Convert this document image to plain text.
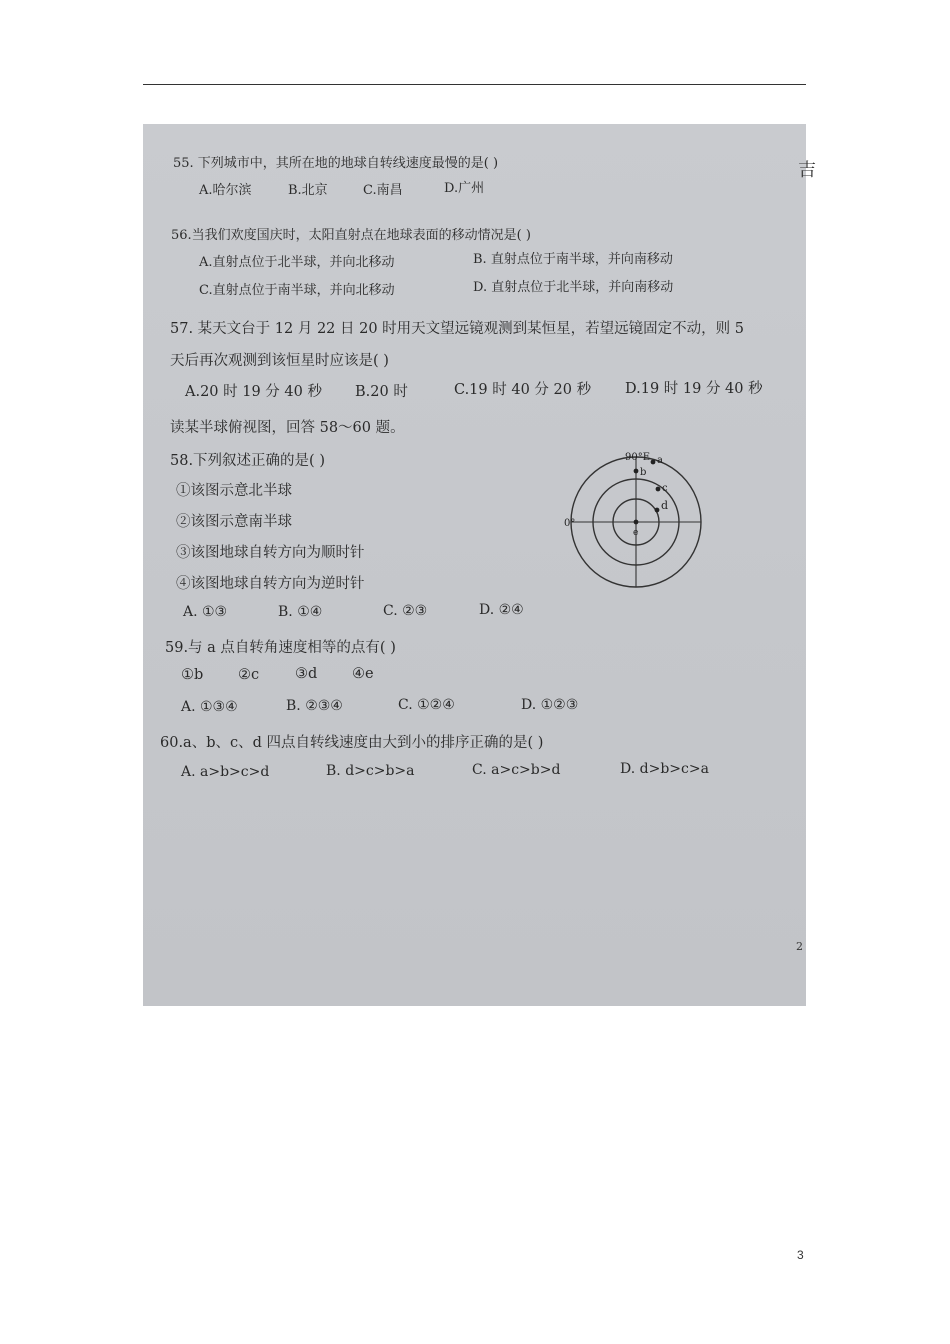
55. 下列城市中，其所在地的地球自转线速度最慢的是( )
A.哈尔滨	B.北京	C.南昌	D.广州
56.当我们欢度国庆时，太阳直射点在地球表面的移动情况是( )
A.直射点位于北半球，并向北移动	B. 直射点位于南半球，并向南移动
C.直射点位于南半球，并向北移动	D. 直射点位于北半球，并向南移动
57. 某天文台于 12 月 22 日 20 时用天文望远镜观测到某恒星，若望远镜固定不动，则 5
天后再次观测到该恒星时应该是( )
A.20 时 19 分 40 秒 B.20 时	C.19 时 40 分 20 秒 D.19 时 19 分 40 秒
读某半球俯视图，回答 58～60 题。
58.下列叙述正确的是( )
①该图示意北半球
②该图示意南半球
③该图地球自转方向为顺时针
④该图地球自转方向为逆时针
A. ①③	B. ①④	C. ②③	D. ②④
59.与 a 点自转角速度相等的点有( )
①b ②c ③d ④e
A. ①③④	B. ②③④	C. ①②④	D. ①②③
60.a、b、c、d 四点自转线速度由大到小的排序正确的是( )
A. a>b>c>d	B. d>c>b>a	C. a>c>b>d	D. d>b>c>a
吉
2
90°E
0°
a
b
c
d
e
3
